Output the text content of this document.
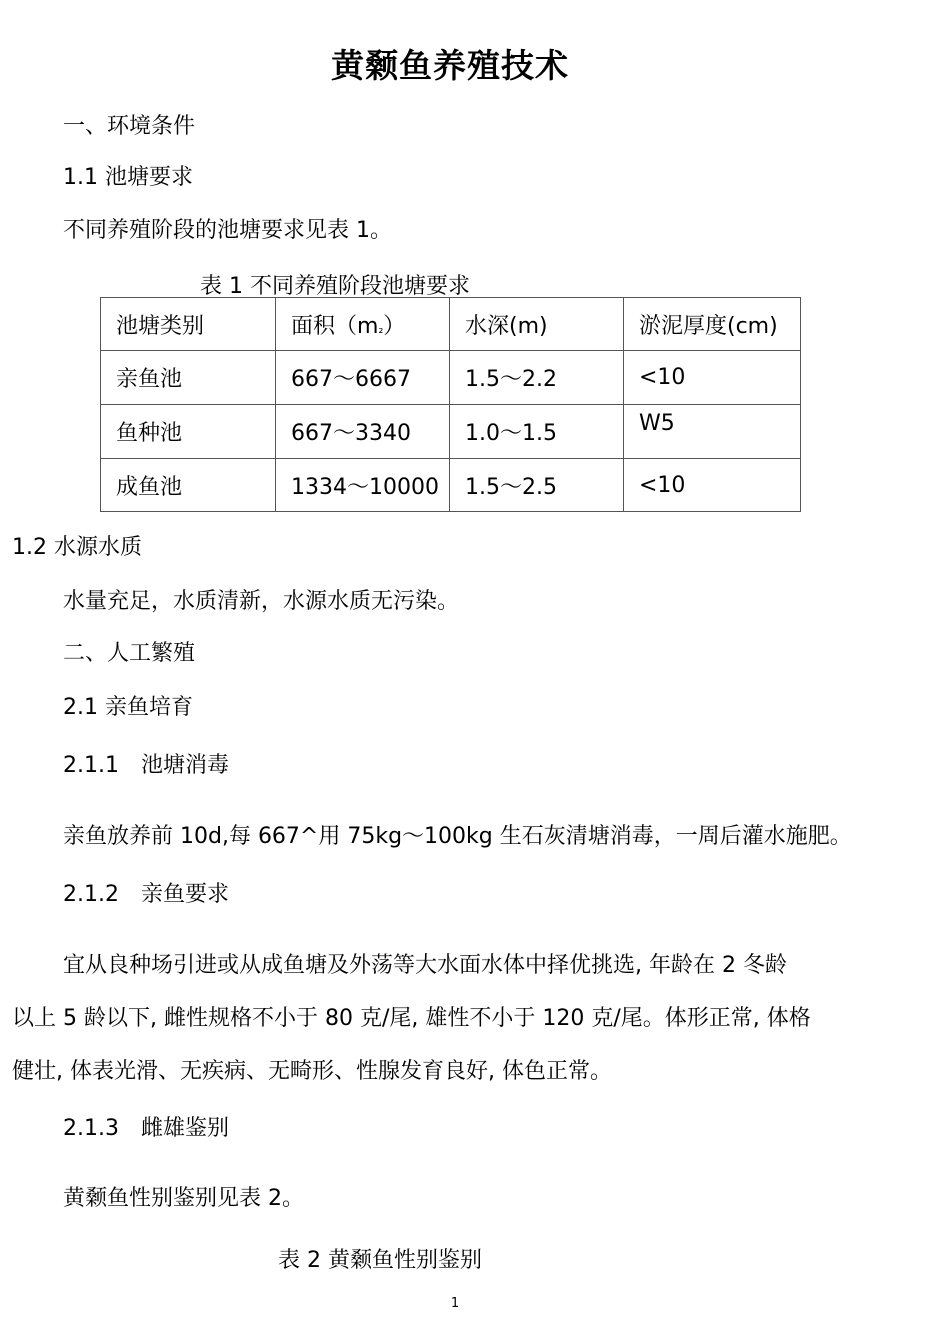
黄颡鱼养殖技术
一、环境条件
1.1 池塘要求
不同养殖阶段的池塘要求见表 1。
表 1 不同养殖阶段池塘要求
池塘类别	面积（m₂）	水深(m)	淤泥厚度(cm)
亲鱼池	667〜6667	1.5〜2.2	<10
鱼种池	667〜3340	1.0〜1.5	W5
成鱼池	1334〜10000	1.5〜2.5	<10
1.2 水源水质
水量充足，水质清新，水源水质无污染。
二、人工繁殖
2.1 亲鱼培育
2.1.1 池塘消毒
亲鱼放养前 10d,每 667^用 75kg〜100kg 生石灰清塘消毒，一周后灌水施肥。
2.1.2 亲鱼要求
宜从良种场引进或从成鱼塘及外荡等大水面水体中择优挑选, 年龄在 2 冬龄
以上 5 龄以下, 雌性规格不小于 80 克/尾, 雄性不小于 120 克/尾。体形正常, 体格
健壮, 体表光滑、无疾病、无畸形、性腺发育良好, 体色正常。
2.1.3 雌雄鉴别
黄颡鱼性别鉴别见表 2。
表 2 黄颡鱼性别鉴别
1
